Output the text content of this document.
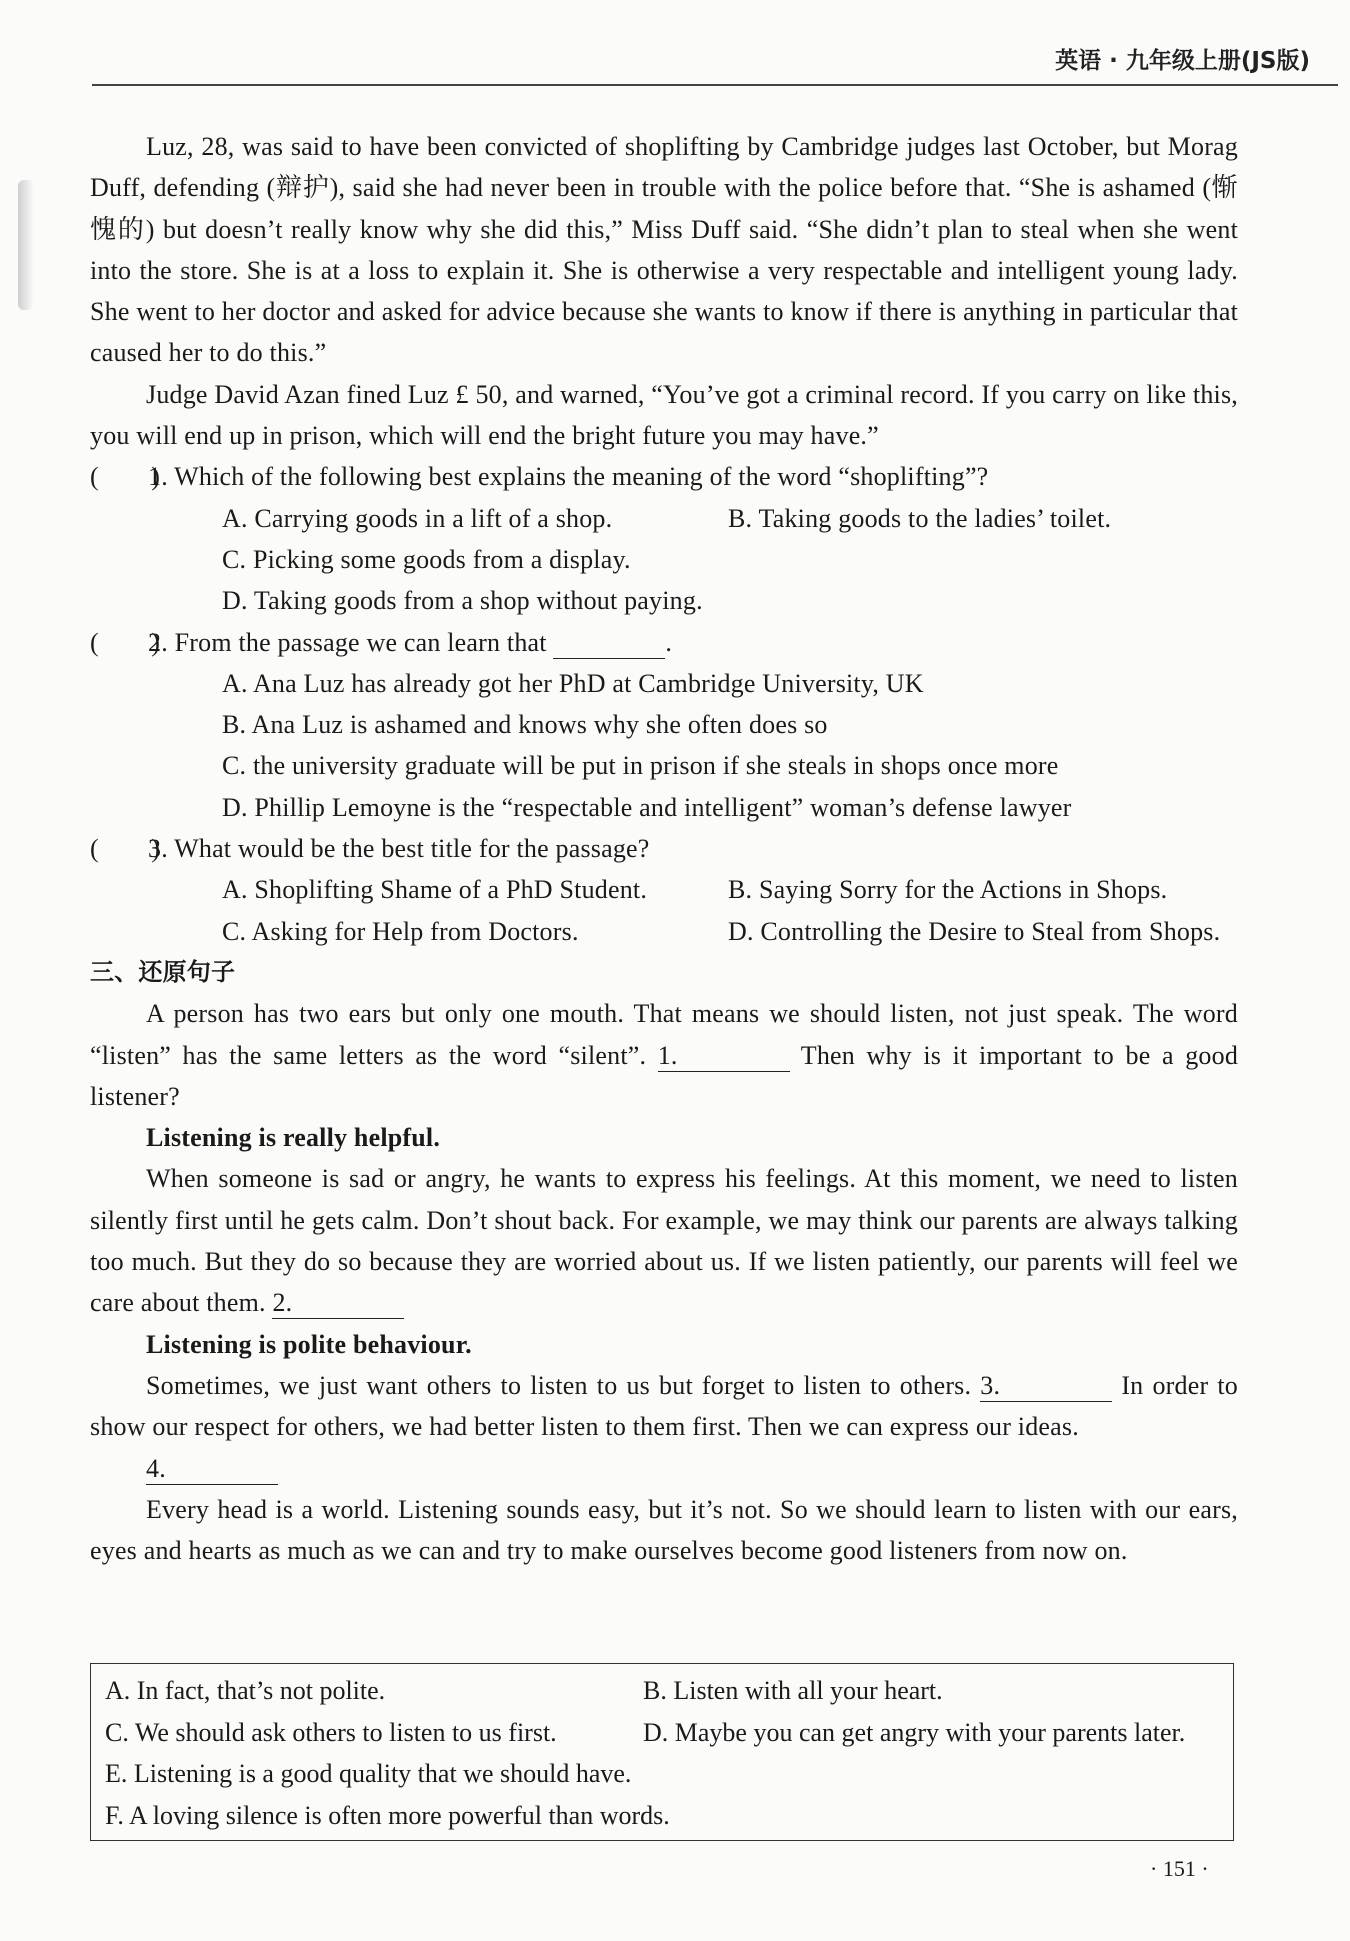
英语 · 九年级上册(JS版)

Luz, 28, was said to have been convicted of shoplifting by Cambridge judges last October, but Morag Duff, defending (辩护), said she had never been in trouble with the police before that. “She is ashamed (惭愧的) but doesn’t really know why she did this,” Miss Duff said. “She didn’t plan to steal when she went into the store. She is at a loss to explain it. She is otherwise a very respectable and intelligent young lady. She went to her doctor and asked for advice because she wants to know if there is anything in particular that caused her to do this.”

Judge David Azan fined Luz £ 50, and warned, “You’ve got a criminal record. If you carry on like this, you will end up in prison, which will end the bright future you may have.”

(　　)
1. Which of the following best explains the meaning of the word “shoplifting”?
A. Carrying goods in a lift of a shop.	B. Taking goods to the ladies’ toilet.
C. Picking some goods from a display.
D. Taking goods from a shop without paying.
(　　)
2. From the passage we can learn that	.
A. Ana Luz has already got her PhD at Cambridge University, UK
B. Ana Luz is ashamed and knows why she often does so
C. the university graduate will be put in prison if she steals in shops once more
D. Phillip Lemoyne is the “respectable and intelligent” woman’s defense lawyer
(　　)
3. What would be the best title for the passage?
A. Shoplifting Shame of a PhD Student.	B. Saying Sorry for the Actions in Shops.
C. Asking for Help from Doctors.	D. Controlling the Desire to Steal from Shops.
三、还原句子

A person has two ears but only one mouth. That means we should listen, not just speak. The word “listen” has the same letters as the word “silent”. 1.	Then why is it important to be a good listener?

Listening is really helpful.

When someone is sad or angry, he wants to express his feelings. At this moment, we need to listen silently first until he gets calm. Don’t shout back. For example, we may think our parents are always talking too much. But they do so because they are worried about us. If we listen patiently, our parents will feel we care about them. 2.

Listening is polite behaviour.

Sometimes, we just want others to listen to us but forget to listen to others. 3.	In order to show our respect for others, we had better listen to them first. Then we can express our ideas.

4.

Every head is a world. Listening sounds easy, but it’s not. So we should learn to listen with our ears, eyes and hearts as much as we can and try to make ourselves become good listeners from now on.

A. In fact, that’s not polite.	B. Listen with all your heart.
C. We should ask others to listen to us first.	D. Maybe you can get angry with your parents later.
E. Listening is a good quality that we should have.
F. A loving silence is often more powerful than words.
· 151 ·
